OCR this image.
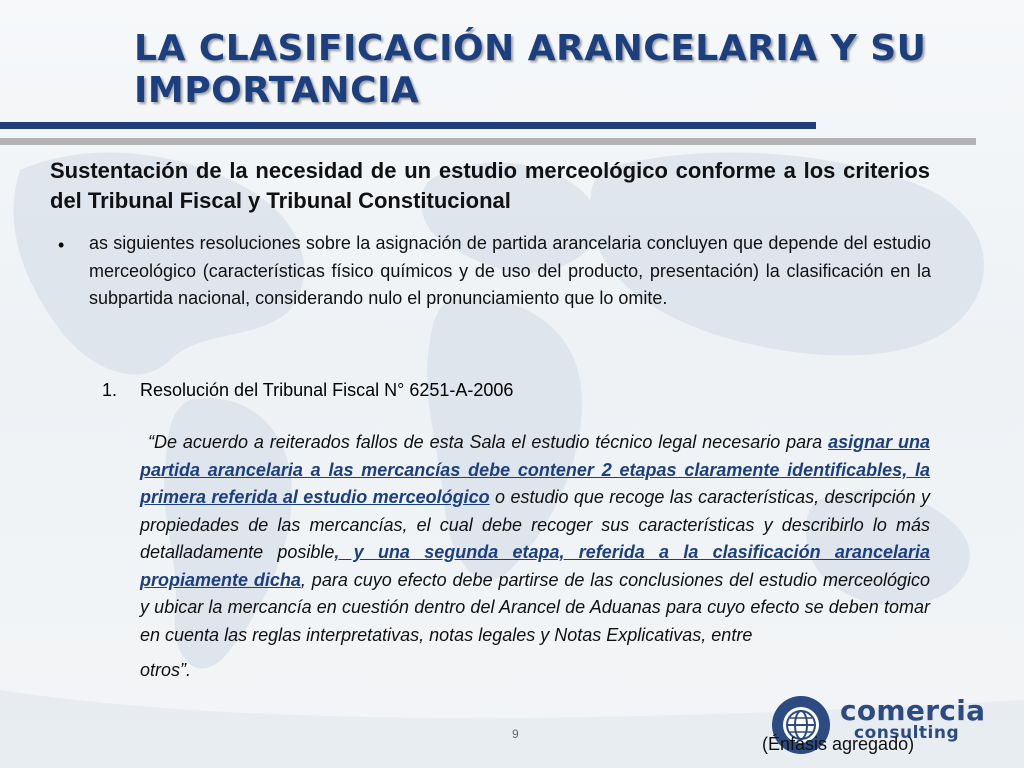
LA CLASIFICACIÓN ARANCELARIA Y SU IMPORTANCIA

Sustentación de la necesidad de un estudio merceológico conforme a los criterios del Tribunal Fiscal y Tribunal Constitucional

• as siguientes resoluciones sobre la asignación de partida arancelaria concluyen que depende del estudio merceológico (características físico químicos y de uso del producto, presentación) la clasificación en la subpartida nacional, considerando nulo el pronunciamiento que lo omite.

1. Resolución del Tribunal Fiscal N° 6251-A-2006

“De acuerdo a reiterados fallos de esta Sala el estudio técnico legal necesario para asignar una partida arancelaria a las mercancías debe contener 2 etapas claramente identificables, la primera referida al estudio merceológico o estudio que recoge las características, descripción y propiedades de las mercancías, el cual debe recoger sus características y describirlo lo más detalladamente posible, y una segunda etapa, referida a la clasificación arancelaria propiamente dicha, para cuyo efecto debe partirse de las conclusiones del estudio merceológico y ubicar la mercancía en cuestión dentro del Arancel de Aduanas para cuyo efecto se deben tomar en cuenta las reglas interpretativas, notas legales y Notas Explicativas, entre
otros”.

9
comercia
consulting
(Énfasis agregado)
